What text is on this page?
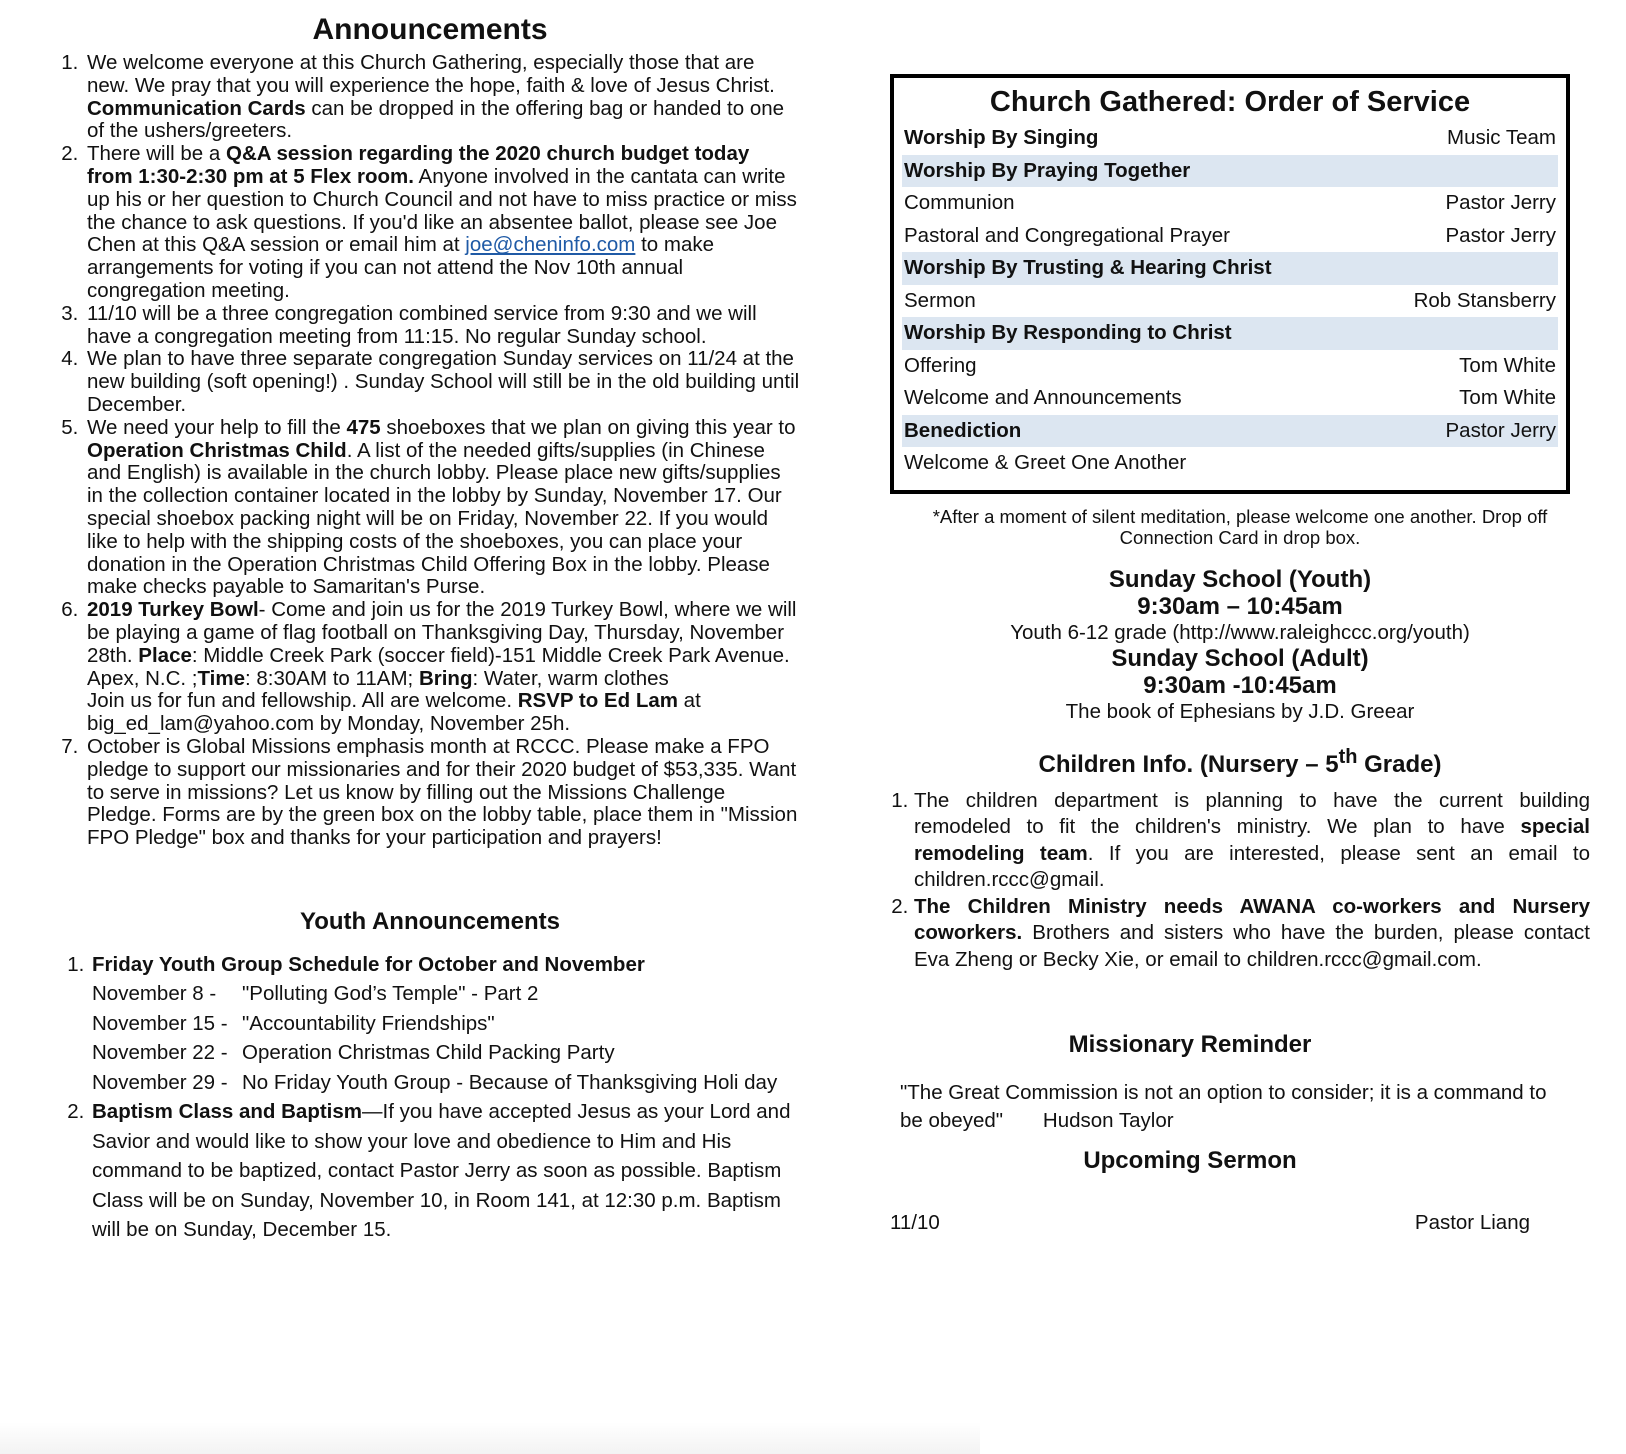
Announcements
1. We welcome everyone at this Church Gathering, especially those that are new. We pray that you will experience the hope, faith & love of Jesus Christ. Communication Cards can be dropped in the offering bag or handed to one of the ushers/greeters.
2. There will be a Q&A session regarding the 2020 church budget today from 1:30-2:30 pm at 5 Flex room. Anyone involved in the cantata can write up his or her question to Church Council and not have to miss practice or miss the chance to ask questions. If you'd like an absentee ballot, please see Joe Chen at this Q&A session or email him at joe@cheninfo.com to make arrangements for voting if you can not attend the Nov 10th annual congregation meeting.
3. 11/10 will be a three congregation combined service from 9:30 and we will have a congregation meeting from 11:15. No regular Sunday school.
4. We plan to have three separate congregation Sunday services on 11/24 at the new building (soft opening!) . Sunday School will still be in the old building until December.
5. We need your help to fill the 475 shoeboxes that we plan on giving this year to Operation Christmas Child. A list of the needed gifts/supplies (in Chinese and English) is available in the church lobby. Please place new gifts/supplies in the collection container located in the lobby by Sunday, November 17. Our special shoebox packing night will be on Friday, November 22. If you would like to help with the shipping costs of the shoeboxes, you can place your donation in the Operation Christmas Child Offering Box in the lobby. Please make checks payable to Samaritan's Purse.
6. 2019 Turkey Bowl- Come and join us for the 2019 Turkey Bowl, where we will be playing a game of flag football on Thanksgiving Day, Thursday, November 28th. Place: Middle Creek Park (soccer field)-151 Middle Creek Park Avenue. Apex, N.C. ;Time: 8:30AM to 11AM; Bring: Water, warm clothes
Join us for fun and fellowship. All are welcome. RSVP to Ed Lam at big_ed_lam@yahoo.com by Monday, November 25h.
7. October is Global Missions emphasis month at RCCC. Please make a FPO pledge to support our missionaries and for their 2020 budget of $53,335. Want to serve in missions? Let us know by filling out the Missions Challenge Pledge. Forms are by the green box on the lobby table, place them in "Mission FPO Pledge" box and thanks for your participation and prayers!
Youth Announcements
1. Friday Youth Group Schedule for October and November
November 8 -	"Polluting God’s Temple" - Part 2
November 15 - "Accountability Friendships"
November 22 - Operation Christmas Child Packing Party
November 29 - No Friday Youth Group - Because of Thanksgiving Holi day
2. Baptism Class and Baptism—If you have accepted Jesus as your Lord and Savior and would like to show your love and obedience to Him and His command to be baptized, contact Pastor Jerry as soon as possible. Baptism Class will be on Sunday, November 10, in Room 141, at 12:30 p.m. Baptism will be on Sunday, December 15.
Church Gathered: Order of Service
Worship By Singing	Music Team
Worship By Praying Together
Communion	Pastor Jerry
Pastoral and Congregational Prayer	Pastor Jerry
Worship By Trusting & Hearing Christ
Sermon	Rob Stansberry
Worship By Responding to Christ
Offering	Tom White
Welcome and Announcements	Tom White
Benediction	Pastor Jerry
Welcome & Greet One Another
*After a moment of silent meditation, please welcome one another. Drop off Connection Card in drop box.
Sunday School (Youth)
9:30am – 10:45am
Youth 6-12 grade (http://www.raleighccc.org/youth)
Sunday School (Adult)
9:30am -10:45am
The book of Ephesians by J.D. Greear
Children Info. (Nursery – 5th Grade)
1. The children department is planning to have the current building remodeled to fit the children's ministry. We plan to have special remodeling team. If you are interested, please sent an email to children.rccc@gmail.
2. The Children Ministry needs AWANA co-workers and Nursery coworkers. Brothers and sisters who have the burden, please contact Eva Zheng or Becky Xie, or email to children.rccc@gmail.com.
Missionary Reminder
"The Great Commission is not an option to consider; it is a command to be obeyed" Hudson Taylor
Upcoming Sermon
11/10	Pastor Liang
